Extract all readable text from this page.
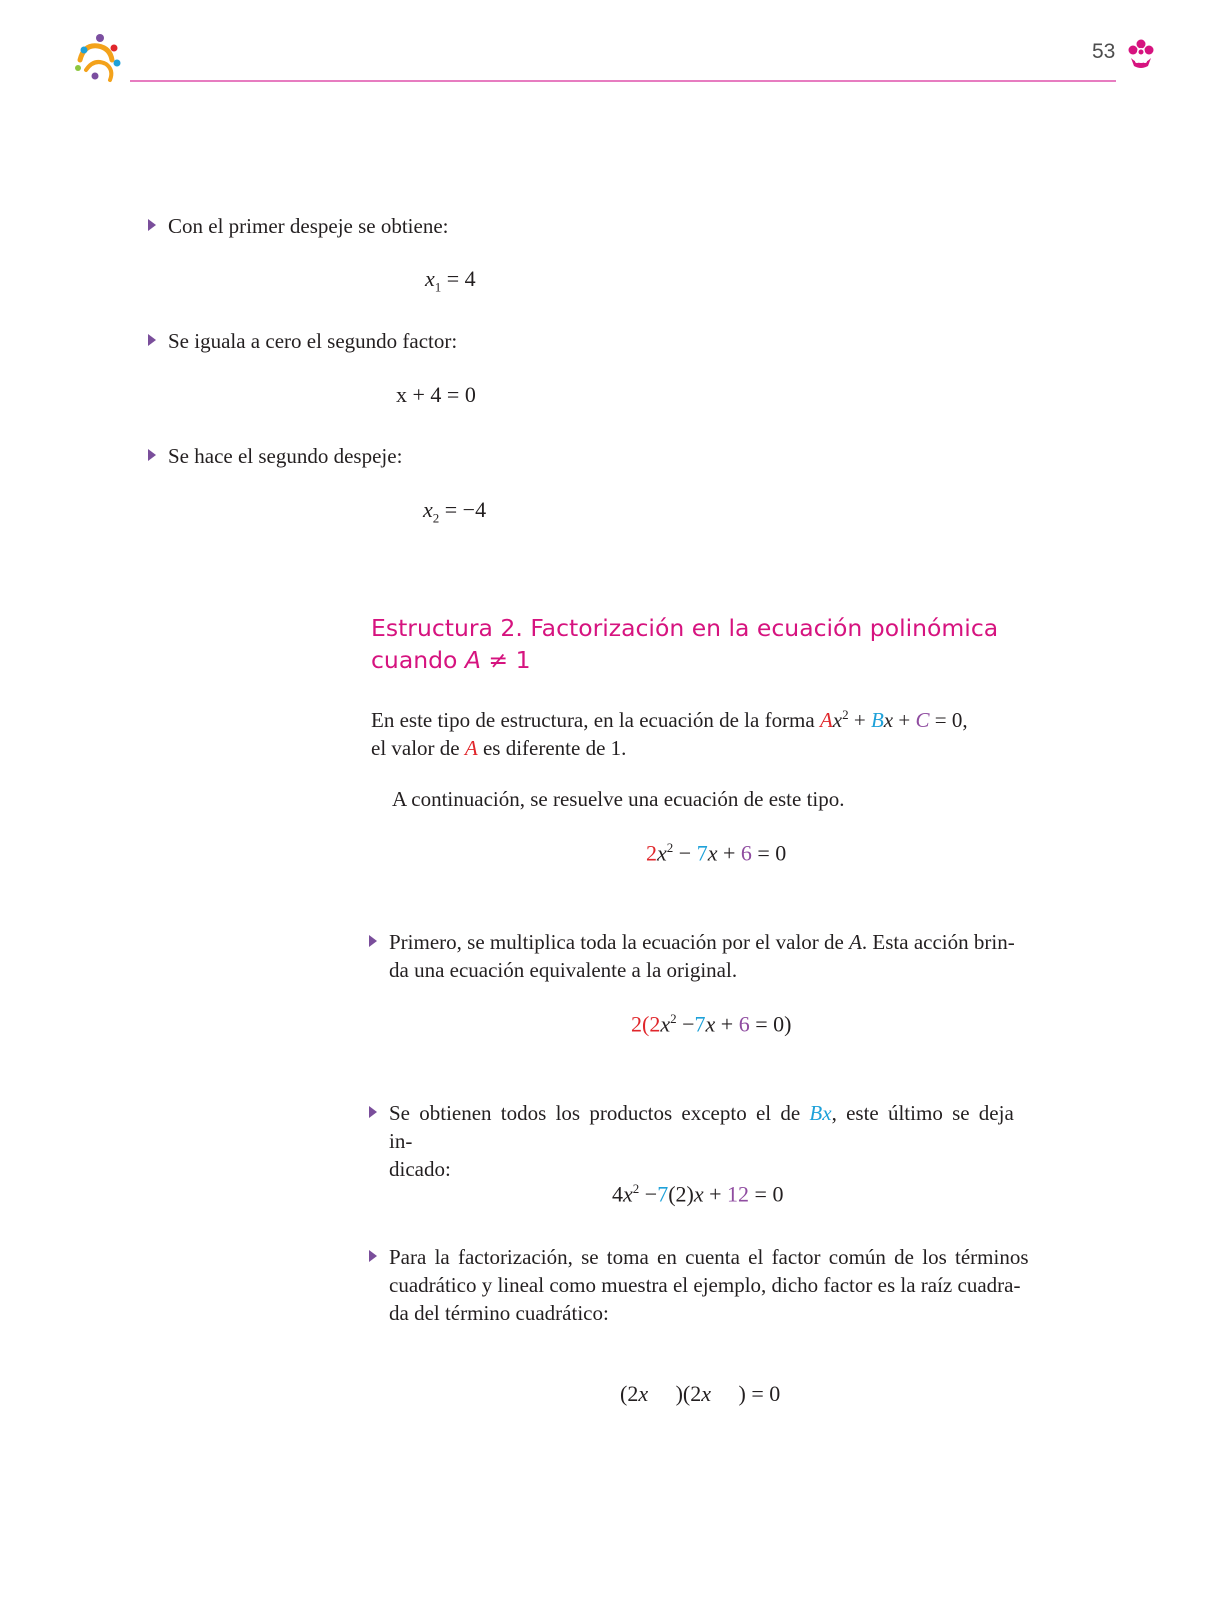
53
Con el primer despeje se obtiene:
$x_1 = 4$
Se iguala a cero el segundo factor:
x + 4 = 0
Se hace el segundo despeje:
$x_2 = -4$
Estructura 2. Factorización en la ecuación polinómica
cuando A ≠ 1
En este tipo de estructura, en la ecuación de la forma $Ax^2 + Bx + C = 0$,
el valor de A es diferente de 1.
A continuación, se resuelve una ecuación de este tipo.
$2x^2 - 7x + 6 = 0$
Primero, se multiplica toda la ecuación por el valor de A. Esta acción brin-
da una ecuación equivalente a la original.
$2(2x^2 -7x + 6 = 0)$
Se obtienen todos los productos excepto el de Bx, este último se deja in-
dicado:
$4x^2 -7(2)x + 12 = 0$
Para la factorización, se toma en cuenta el factor común de los términos
cuadrático y lineal como muestra el ejemplo, dicho factor es la raíz cuadra-
da del término cuadrático:
(2x     )(2x     ) = 0
